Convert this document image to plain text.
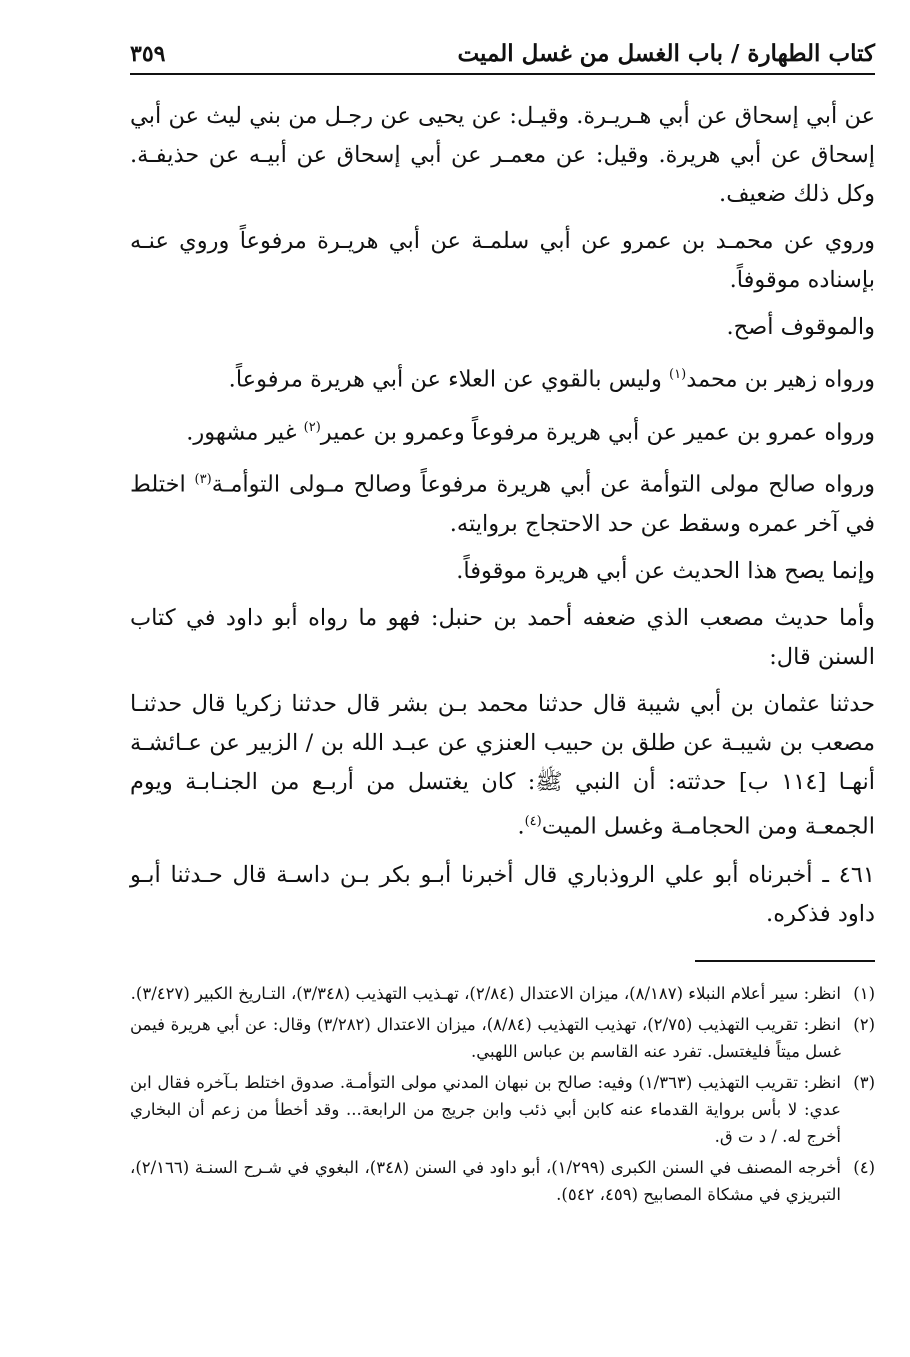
كتاب الطهارة / باب الغسل من غسل الميت
٣٥٩

عن أبي إسحاق عن أبي هـريـرة. وقيـل: عن يحيى عن رجـل من بني ليث عن أبي إسحاق عن أبي هريرة. وقيل: عن معمـر عن أبي إسحاق عن أبيـه عن حذيفـة. وكل ذلك ضعيف.

وروي عن محمـد بن عمرو عن أبي سلمـة عن أبي هريـرة مرفوعاً وروي عنـه بإسناده موقوفاً.

والموقوف أصح.

ورواه زهير بن محمد$^{(١)}$ وليس بالقوي عن العلاء عن أبي هريرة مرفوعاً.

ورواه عمرو بن عمير عن أبي هريرة مرفوعاً وعمرو بن عمير$^{(٢)}$ غير مشهور.

ورواه صالح مولى التوأمة عن أبي هريرة مرفوعاً وصالح مـولى التوأمـة$^{(٣)}$ اختلط في آخر عمره وسقط عن حد الاحتجاج بروايته.

وإنما يصح هذا الحديث عن أبي هريرة موقوفاً.

وأما حديث مصعب الذي ضعفه أحمد بن حنبل: فهو ما رواه أبو داود في كتاب السنن قال:

حدثنا عثمان بن أبي شيبة قال حدثنا محمد بـن بشر قال حدثنا زكريا قال حدثنـا مصعب بن شيبـة عن طلق بن حبيب العنزي عن عبـد الله بن / الزبير عن عـائشـة أنهـا [١١٤ ب] حدثته: أن النبي ﷺ: كان يغتسل من أربـع من الجنـابـة ويوم الجمعـة ومن الحجامـة وغسل الميت$^{(٤)}$.

٤٦١ ـ أخبرناه أبو علي الروذباري قال أخبرنا أبـو بكر بـن داسـة قال حـدثنا أبـو داود فذكره.

(١)
انظر: سير أعلام النبلاء (٨/١٨٧)، ميزان الاعتدال (٢/٨٤)، تهـذيب التهذيب (٣/٣٤٨)، التـاريخ الكبير (٣/٤٢٧).
(٢)
انظر: تقريب التهذيب (٢/٧٥)، تهذيب التهذيب (٨/٨٤)، ميزان الاعتدال (٣/٢٨٢) وقال: عن أبي هريرة فيمن غسل ميتاً فليغتسل. تفرد عنه القاسم بن عباس اللهبي.
(٣)
انظر: تقريب التهذيب (١/٣٦٣) وفيه: صالح بن نبهان المدني مولى التوأمـة. صدوق اختلط بـآخره فقال ابن عدي: لا بأس برواية القدماء عنه كابن أبي ذئب وابن جريج من الرابعة... وقد أخطأ من زعم أن البخاري أخرج له. / د ت ق.
(٤)
أخرجه المصنف في السنن الكبرى (١/٢٩٩)، أبو داود في السنن (٣٤٨)، البغوي في شـرح السنـة (٢/١٦٦)، التبريزي في مشكاة المصابيح (٤٥٩، ٥٤٢).
